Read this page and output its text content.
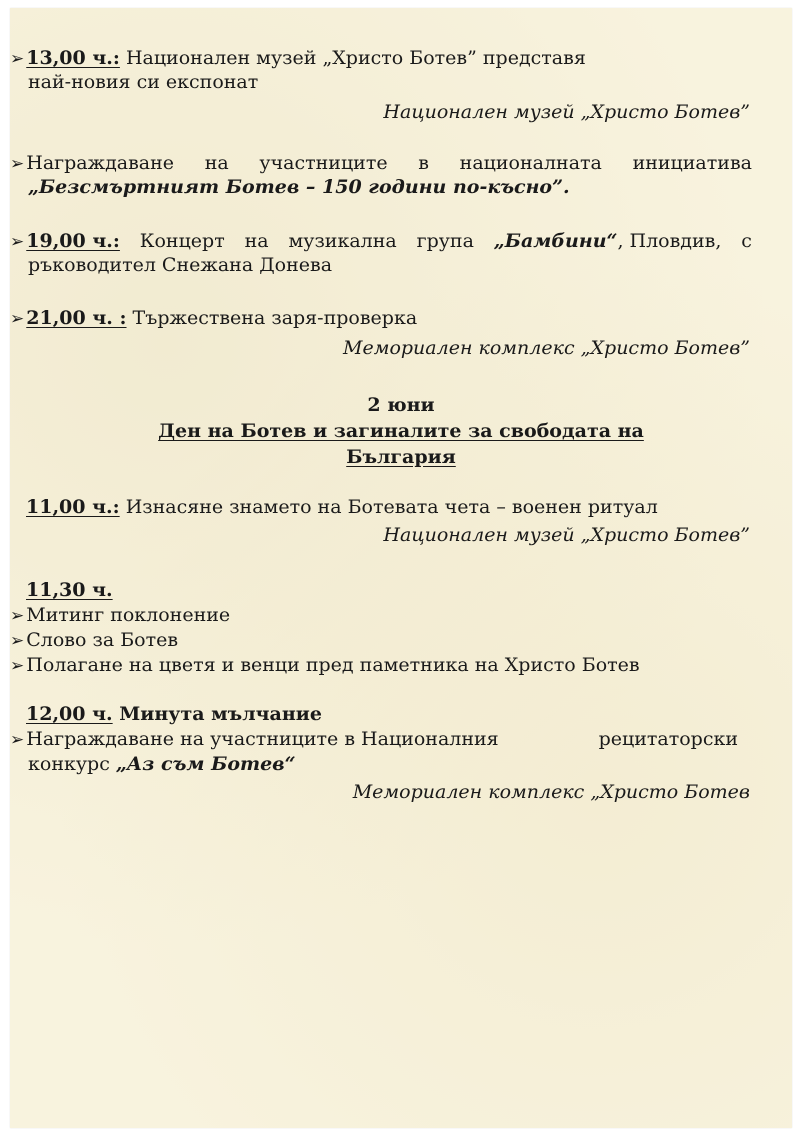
➢ 13,00 ч.: Национален музей „Христо Ботев” представя
най-новия си експонат
Национален музей „Христо Ботев”
➢ Награждаване на участниците в националната инициатива
„Безсмъртният Ботев – 150 години по-късно”.
➢ 19,00 ч.: Концерт на музикална група „Бамбини“, Пловдив, с
ръководител Снежана Донева
➢ 21,00 ч. : Тържествена заря-проверка
Мемориален комплекс „Христо Ботев”
2 юни
Ден на Ботев и загиналите за свободата на
България
11,00 ч.: Изнасяне знамето на Ботевата чета – военен ритуал
Национален музей „Христо Ботев”
11,30 ч.
➢ Митинг поклонение
➢ Слово за Ботев
➢ Полагане на цветя и венци пред паметника на Христо Ботев
12,00 ч. Минута мълчание
➢ Награждаване на участниците в Националния	рецитаторски
конкурс „Аз съм Ботев“
Мемориален комплекс „Христо Ботев
